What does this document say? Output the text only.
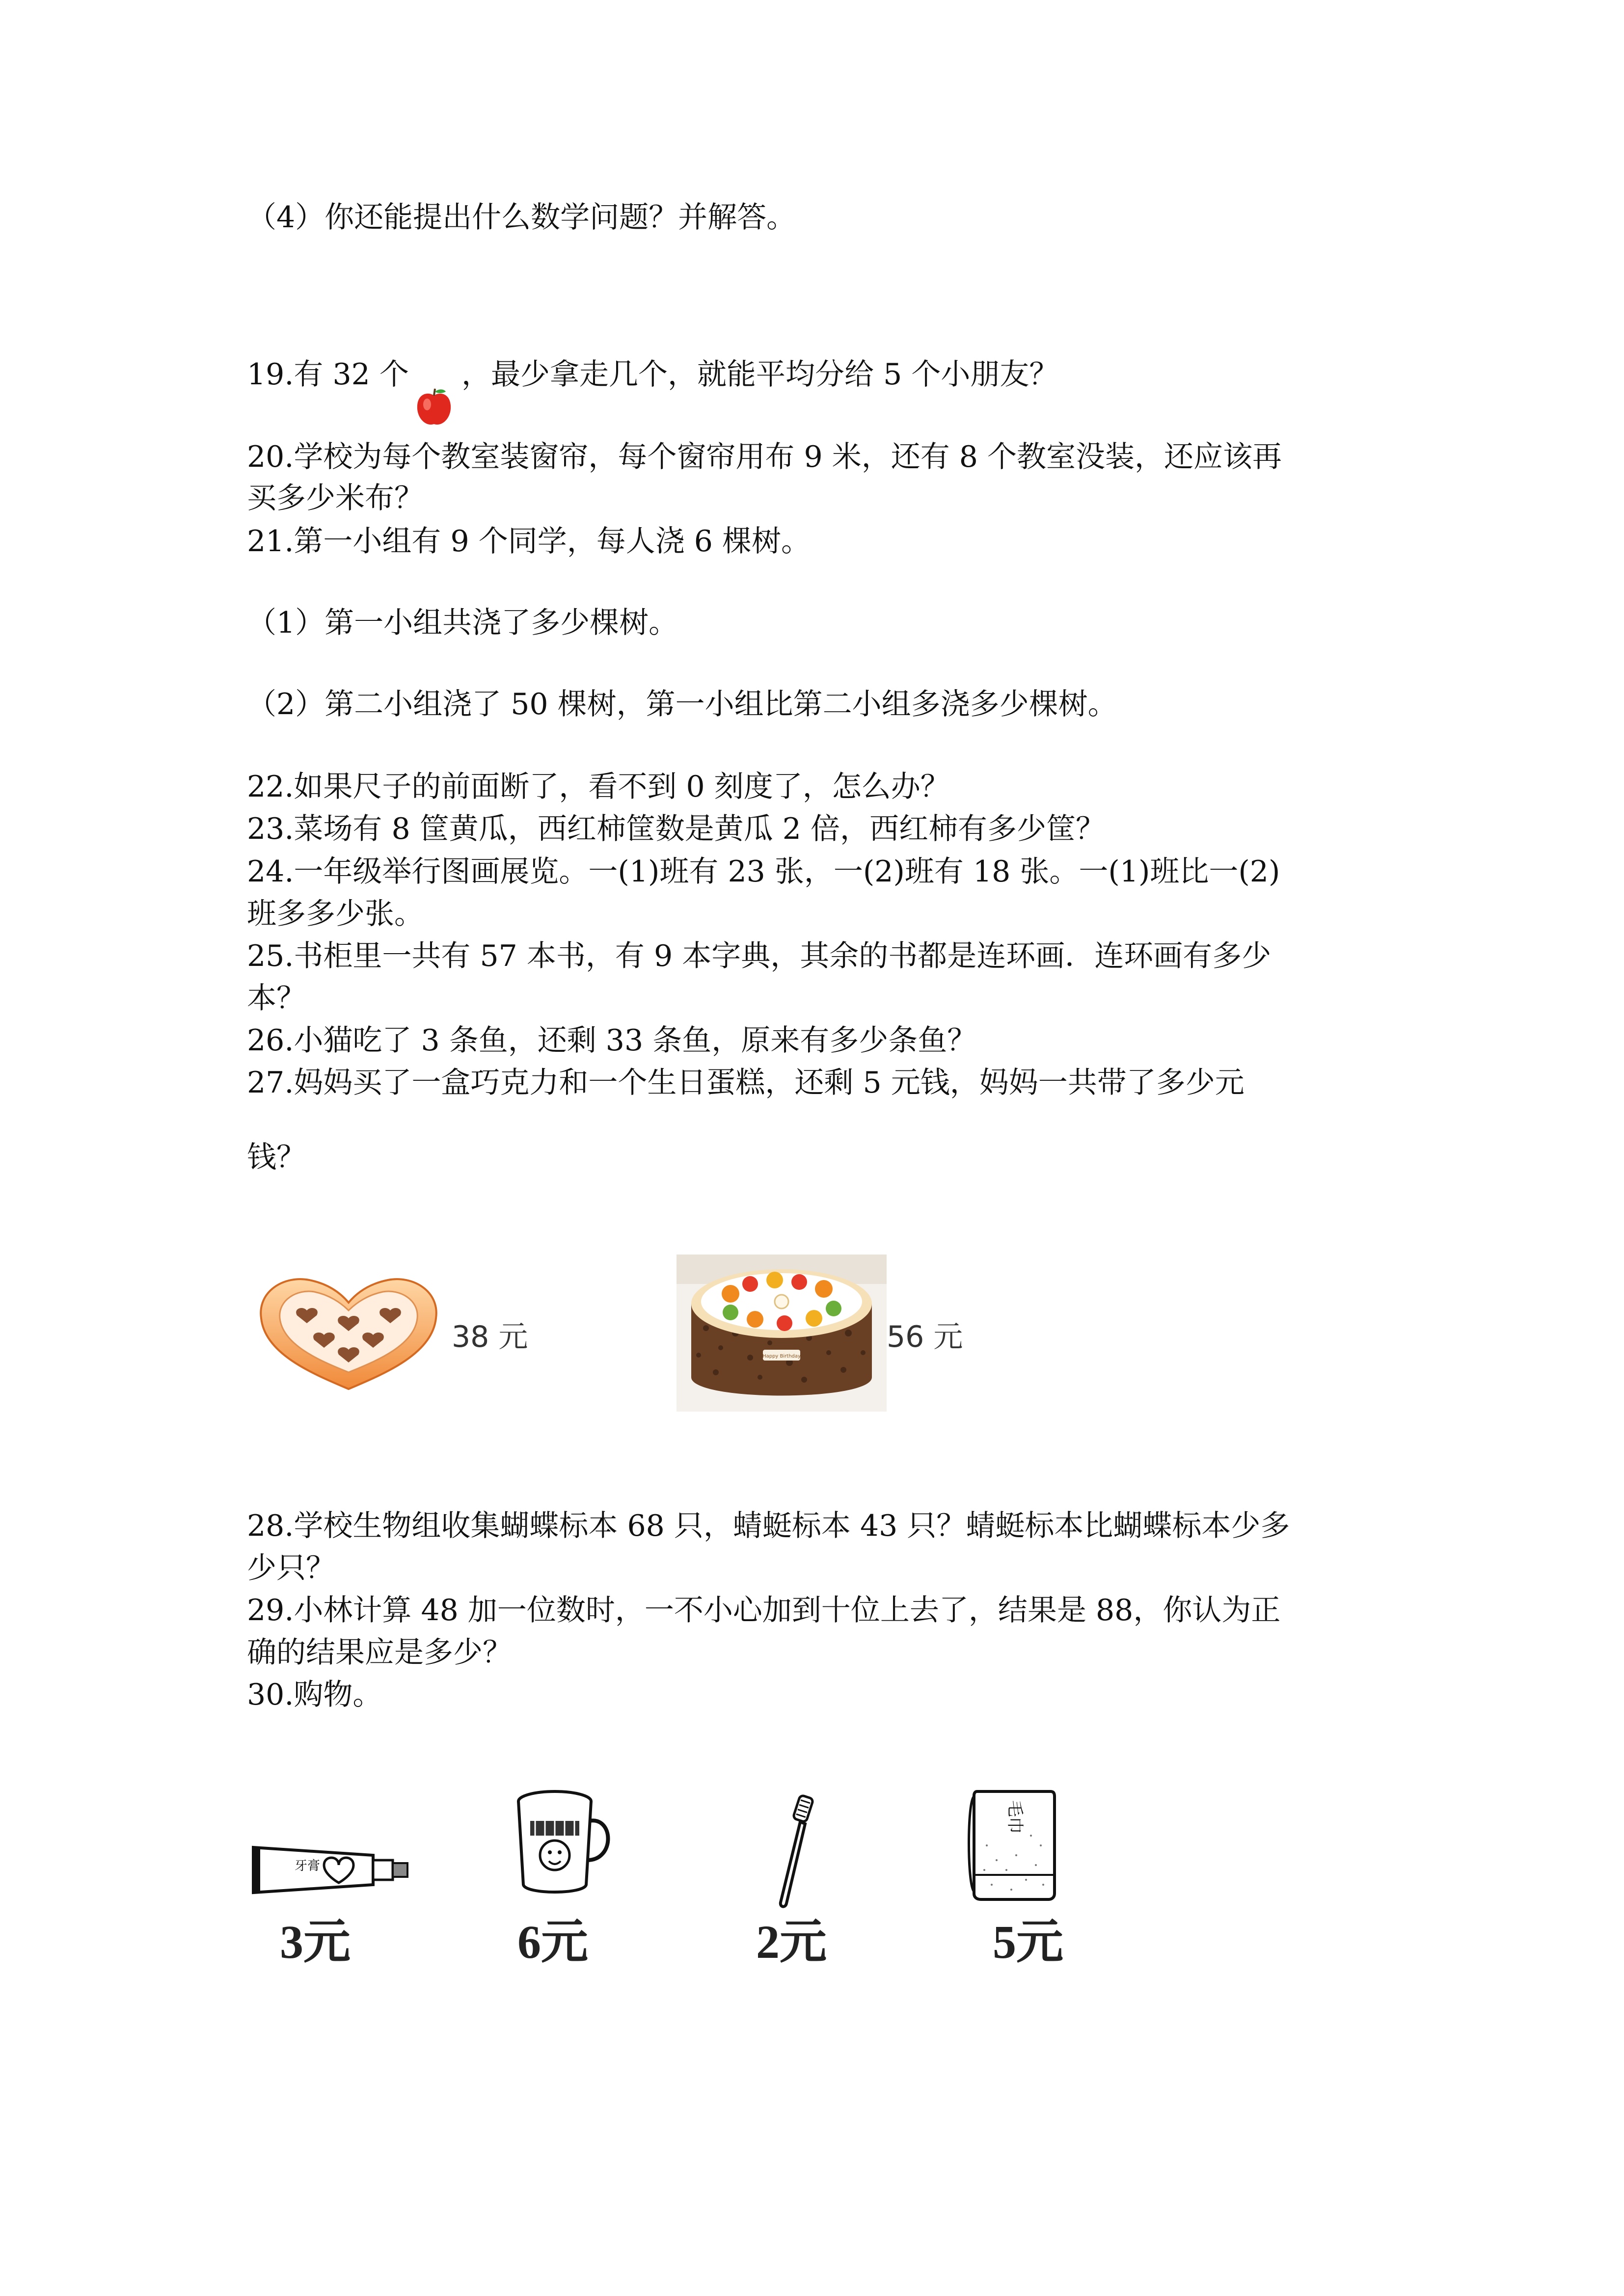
（4）你还能提出什么数学问题？并解答。
19.有 32 个 ，最少拿走几个，就能平均分给 5 个小朋友？
20.学校为每个教室装窗帘，每个窗帘用布 9 米，还有 8 个教室没装，还应该再
买多少米布？
21.第一小组有 9 个同学，每人浇 6 棵树。
（1）第一小组共浇了多少棵树。
（2）第二小组浇了 50 棵树，第一小组比第二小组多浇多少棵树。
22.如果尺子的前面断了，看不到 0 刻度了，怎么办？
23.菜场有 8 筐黄瓜，西红柿筐数是黄瓜 2 倍，西红柿有多少筐？
24.一年级举行图画展览。一(1)班有 23 张，一(2)班有 18 张。一(1)班比一(2)
班多多少张。
25.书柜里一共有 57 本书，有 9 本字典，其余的书都是连环画．连环画有多少
本？
26.小猫吃了 3 条鱼，还剩 33 条鱼，原来有多少条鱼？
27.妈妈买了一盒巧克力和一个生日蛋糕，还剩 5 元钱，妈妈一共带了多少元
钱？
38 元
Happy Birthday
56 元
28.学校生物组收集蝴蝶标本 68 只，蜻蜓标本 43 只？蜻蜓标本比蝴蝶标本少多
少只？
29.小林计算 48 加一位数时，一不小心加到十位上去了，结果是 88，你认为正
确的结果应是多少？
30.购物。
牙膏
3元	6元	2元
毛巾
5元
